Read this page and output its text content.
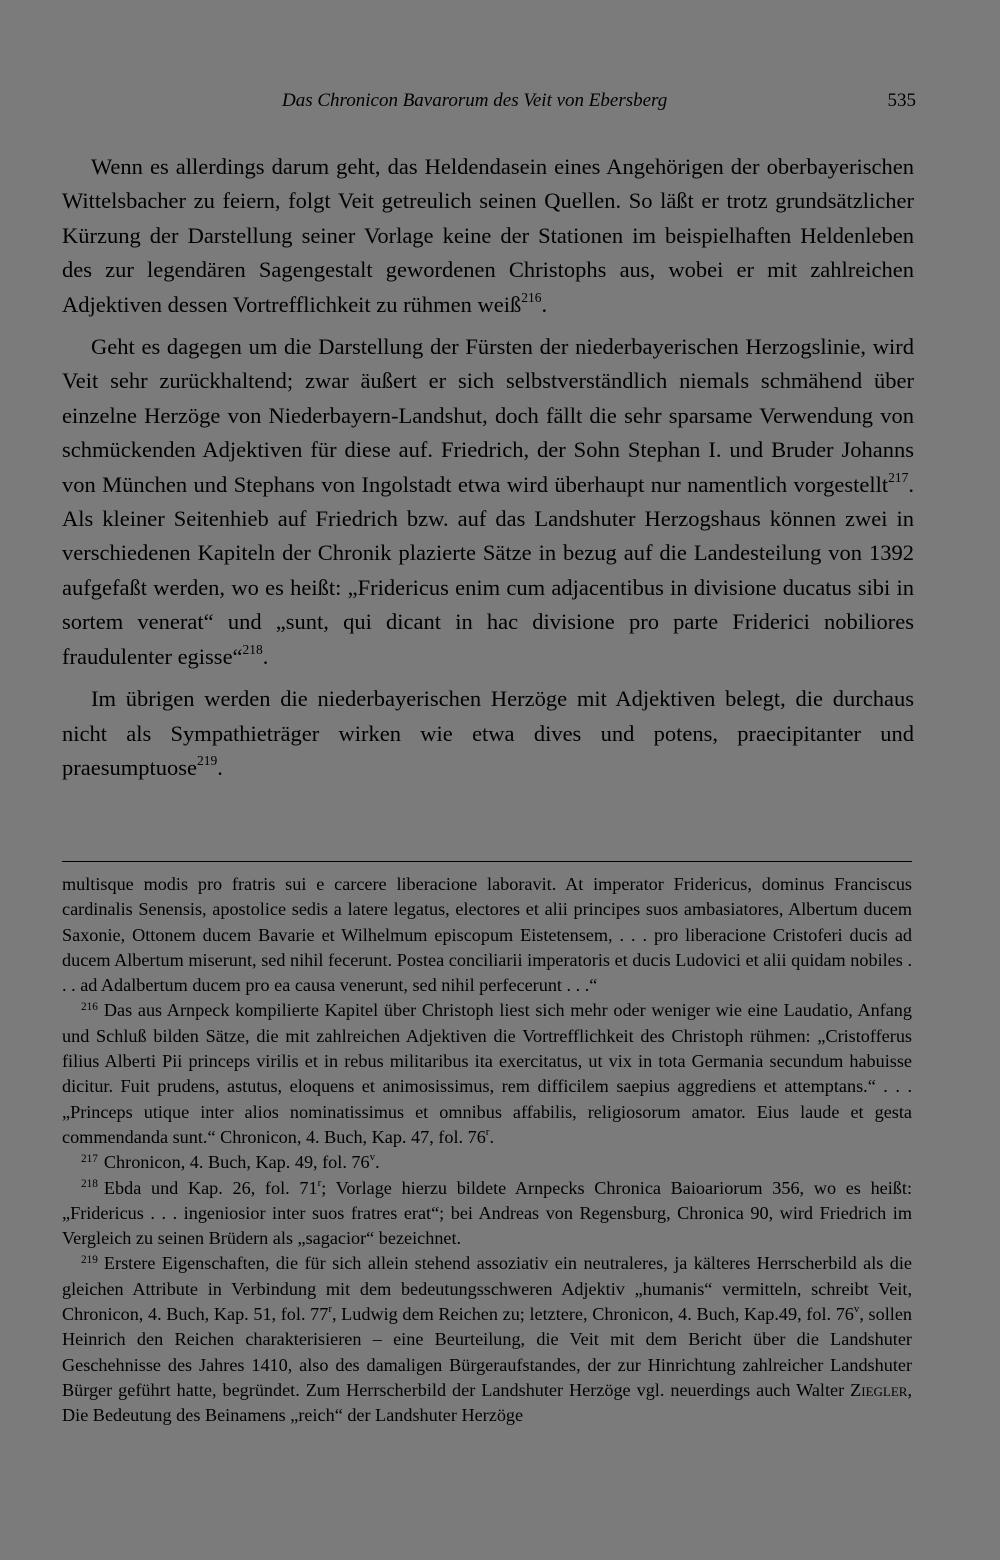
Das Chronicon Bavarorum des Veit von Ebersberg	535

Wenn es allerdings darum geht, das Heldendasein eines Angehörigen der oberbayerischen Wittelsbacher zu feiern, folgt Veit getreulich seinen Quellen. So läßt er trotz grundsätzlicher Kürzung der Darstellung seiner Vorlage keine der Stationen im beispielhaften Heldenleben des zur legendären Sagengestalt gewordenen Christophs aus, wobei er mit zahlreichen Adjektiven dessen Vortrefflichkeit zu rühmen weiß$^{216}$.

Geht es dagegen um die Darstellung der Fürsten der niederbayerischen Herzogslinie, wird Veit sehr zurückhaltend; zwar äußert er sich selbstverständlich niemals schmähend über einzelne Herzöge von Niederbayern-Landshut, doch fällt die sehr sparsame Verwendung von schmückenden Adjektiven für diese auf. Friedrich, der Sohn Stephan I. und Bruder Johanns von München und Stephans von Ingolstadt etwa wird überhaupt nur namentlich vorgestellt$^{217}$. Als kleiner Seitenhieb auf Friedrich bzw. auf das Landshuter Herzogshaus können zwei in verschiedenen Kapiteln der Chronik plazierte Sätze in bezug auf die Landesteilung von 1392 aufgefaßt werden, wo es heißt: „Fridericus enim cum adjacentibus in divisione ducatus sibi in sortem venerat“ und „sunt, qui dicant in hac divisione pro parte Friderici nobiliores fraudulenter egisse“$^{218}$.

Im übrigen werden die niederbayerischen Herzöge mit Adjektiven belegt, die durchaus nicht als Sympathieträger wirken wie etwa dives und potens, praecipitanter und praesumptuose$^{219}$.

multisque modis pro fratris sui e carcere liberacione laboravit. At imperator Fridericus, dominus Franciscus cardinalis Senensis, apostolice sedis a latere legatus, electores et alii principes suos ambasiatores, Albertum ducem Saxonie, Ottonem ducem Bavarie et Wilhelmum episcopum Eistetensem, . . . pro liberacione Cristoferi ducis ad ducem Albertum miserunt, sed nihil fecerunt. Postea conciliarii imperatoris et ducis Ludovici et alii quidam nobiles . . . ad Adalbertum ducem pro ea causa venerunt, sed nihil perfecerunt . . .“

$^{216}$ Das aus Arnpeck kompilierte Kapitel über Christoph liest sich mehr oder weniger wie eine Laudatio, Anfang und Schluß bilden Sätze, die mit zahlreichen Adjektiven die Vortrefflichkeit des Christoph rühmen: „Cristofferus filius Alberti Pii princeps virilis et in rebus militaribus ita exercitatus, ut vix in tota Germania secundum habuisse dicitur. Fuit prudens, astutus, eloquens et animosissimus, rem difficilem saepius aggrediens et attemptans.“ . . . „Princeps utique inter alios nominatissimus et omnibus affabilis, religiosorum amator. Eius laude et gesta commendanda sunt.“ Chronicon, 4. Buch, Kap. 47, fol. 76$^r$.

$^{217}$ Chronicon, 4. Buch, Kap. 49, fol. 76$^v$.

$^{218}$ Ebda und Kap. 26, fol. 71$^r$; Vorlage hierzu bildete Arnpecks Chronica Baioariorum 356, wo es heißt: „Fridericus . . . ingeniosior inter suos fratres erat“; bei Andreas von Regensburg, Chronica 90, wird Friedrich im Vergleich zu seinen Brüdern als „sagacior“ bezeichnet.

$^{219}$ Erstere Eigenschaften, die für sich allein stehend assoziativ ein neutraleres, ja kälteres Herrscherbild als die gleichen Attribute in Verbindung mit dem bedeutungsschweren Adjektiv „humanis“ vermitteln, schreibt Veit, Chronicon, 4. Buch, Kap. 51, fol. 77$^r$, Ludwig dem Reichen zu; letztere, Chronicon, 4. Buch, Kap.49, fol. 76$^v$, sollen Heinrich den Reichen charakterisieren – eine Beurteilung, die Veit mit dem Bericht über die Landshuter Geschehnisse des Jahres 1410, also des damaligen Bürgeraufstandes, der zur Hinrichtung zahlreicher Landshuter Bürger geführt hatte, begründet. Zum Herrscherbild der Landshuter Herzöge vgl. neuerdings auch Walter Ziegler, Die Bedeutung des Beinamens „reich“ der Landshuter Herzöge
